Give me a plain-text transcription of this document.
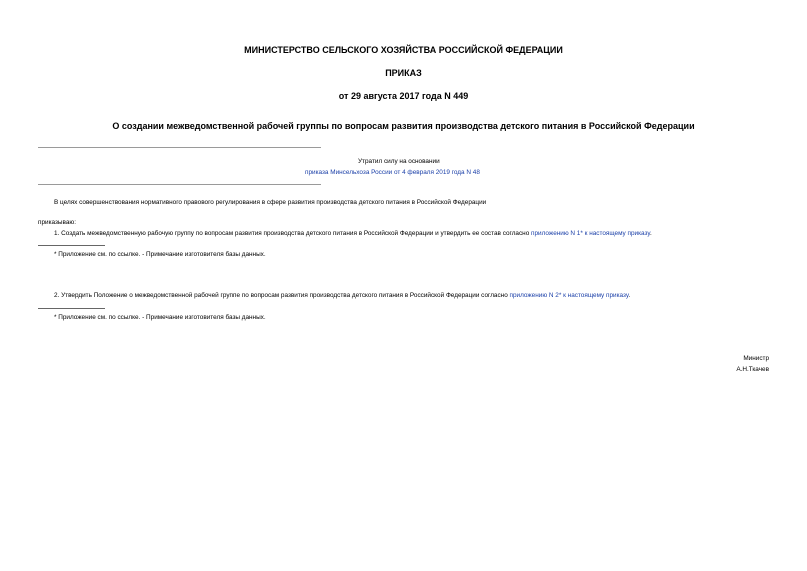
МИНИСТЕРСТВО СЕЛЬСКОГО ХОЗЯЙСТВА РОССИЙСКОЙ ФЕДЕРАЦИИ
ПРИКАЗ
от 29 августа 2017 года N 449
О создании межведомственной рабочей группы по вопросам развития производства детского питания в Российской Федерации
Утратил силу на основании
приказа Минсельхоза России от 4 февраля 2019 года N 48
В целях совершенствования нормативного правового регулирования в сфере развития производства детского питания в Российской Федерации
приказываю:
1. Создать межведомственную рабочую группу по вопросам развития производства детского питания в Российской Федерации и утвердить ее состав согласно приложению N 1* к настоящему приказу.
* Приложение см. по ссылке. - Примечание изготовителя базы данных.
2. Утвердить Положение о межведомственной рабочей группе по вопросам развития производства детского питания в Российской Федерации согласно приложению N 2* к настоящему приказу.
* Приложение см. по ссылке. - Примечание изготовителя базы данных.
Министр
А.Н.Ткачев
